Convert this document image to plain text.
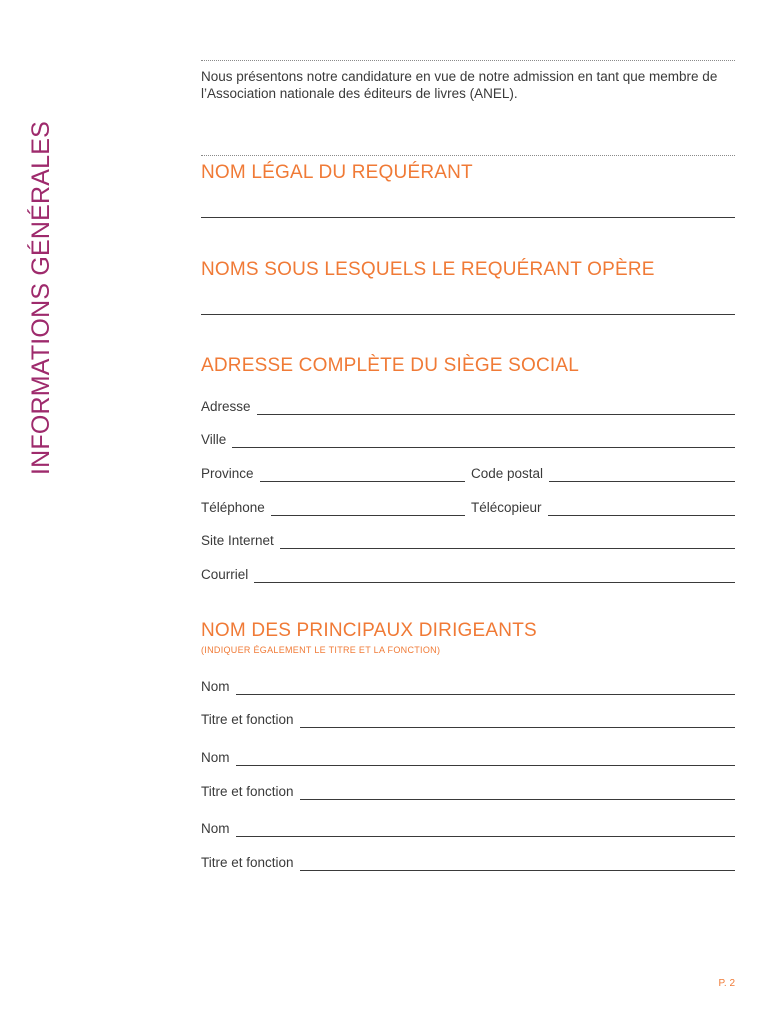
INFORMATIONS GÉNÉRALES
Nous présentons notre candidature en vue de notre admission en tant que membre de l’Association nationale des éditeurs de livres (ANEL).
NOM LÉGAL DU REQUÉRANT
NOMS SOUS LESQUELS LE REQUÉRANT OPÈRE
ADRESSE COMPLÈTE DU SIÈGE SOCIAL
Adresse
Ville
Province	Code postal
Téléphone	Télécopieur
Site Internet
Courriel
NOM DES PRINCIPAUX DIRIGEANTS
(INDIQUER ÉGALEMENT LE TITRE ET LA FONCTION)
Nom
Titre et fonction
Nom
Titre et fonction
Nom
Titre et fonction
P. 2
